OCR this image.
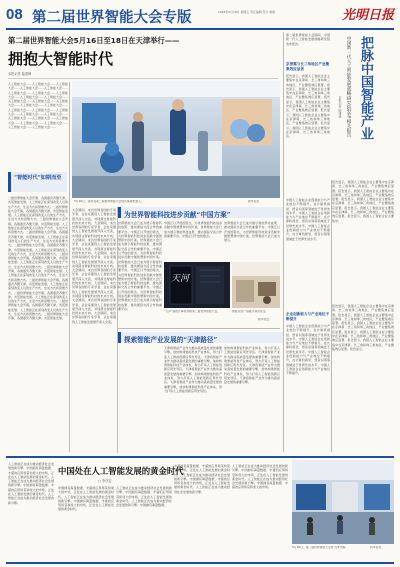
08 第二届世界智能大会专版	2018年5月18日 星期五 责任编辑 设计 制版	光明日报
第二届世界智能大会5月16日至18日在天津举行——
拥抱大智能时代
本报记者 陆建峰
人工智能大会……人工智能大会……人工智能大会……人工智能大会……人工智能大会……人工智能大会……人工智能大会……人工智能大会……人工智能大会……人工智能大会……人工智能大会……人工智能大会……人工智能大会……人工智能大会……人工智能大会……人工智能大会……人工智能大会……人工智能大会……人工智能大会……人工智能大会……人工智能大会……人工智能大会……人工智能大会……人工智能大会……人工智能大会……人工智能大会……人工智能大会……
5月16日，观众在第二届世界智能大会展区参观机器人。	新华社发
“智能时代”如期而至
二届世界智能大会开幕，各国嘉宾齐聚天津，共话智能发展。人工智能正在深刻改变人们的生产方式、生活方式和思维方式。二届世界智能大会开幕，各国嘉宾齐聚天津，共话智能发展。人工智能正在深刻改变人们的生产方式、生活方式和思维方式。二届世界智能大会开幕，各国嘉宾齐聚天津，共话智能发展。人工智能正在深刻改变人们的生产方式、生活方式和思维方式。二届世界智能大会开幕，各国嘉宾齐聚天津，共话智能发展。人工智能正在深刻改变人们的生产方式、生活方式和思维方式。二届世界智能大会开幕，各国嘉宾齐聚天津，共话智能发展。人工智能正在深刻改变人们的生产方式、生活方式和思维方式。二届世界智能大会开幕，各国嘉宾齐聚天津，共话智能发展。人工智能正在深刻改变人们的生产方式、生活方式和思维方式。二届世界智能大会开幕，各国嘉宾齐聚天津，共话智能发展。人工智能正在深刻改变人们的生产方式、生活方式和思维方式。二届世界智能大会开幕，各国嘉宾齐聚天津，共话智能发展。人工智能正在深刻改变人们的生产方式、生活方式和思维方式。二届世界智能大会开幕，各国嘉宾齐聚天津，共话智能发展。人工智能正在深刻改变人们的生产方式、生活方式和思维方式。二届世界智能大会开幕，各国嘉宾齐聚天津，共话智能发展。人工智能正在深刻改变人们的生产方式、生活方式和思维方式。二届世界智能大会开幕，各国嘉宾齐聚天津，共话智能发展。
为世界智能科技进步贡献“中国方案”
大会期间，来自世界各国的专家学者、企业家围绕人工智能发展展开深入交流，共同探讨智能科技的未来方向。大会期间，来自世界各国的专家学者、企业家围绕人工智能发展展开深入交流，共同探讨智能科技的未来方向。大会期间，来自世界各国的专家学者、企业家围绕人工智能发展展开深入交流，共同探讨智能科技的未来方向。大会期间，来自世界各国的专家学者、企业家围绕人工智能发展展开深入交流，共同探讨智能科技的未来方向。大会期间，来自世界各国的专家学者、企业家围绕人工智能发展展开深入交流，共同探讨智能科技的未来方向。大会期间，来自世界各国的专家学者、企业家围绕人工智能发展展开深入交流，共同探讨智能科技的未来方向。大会期间，来自世界各国的专家学者、企业家围绕人工智能发展展开深入交流，共同探讨智能科技的未来方向。大会期间，来自世界各国的专家学者、企业家围绕人工智能发展展开深入交流。
世界智能大会已成为展示智能科技成果、推动国际交流合作的重要平台。中国正以开放的姿态，为世界智能科技进步贡献中国智慧和中国方案。世界智能大会已成为展示智能科技成果、推动国际交流合作的重要平台。中国正以开放的姿态，为世界智能科技进步贡献中国智慧和中国方案。世界智能大会已成为展示智能科技成果、推动国际交流合作的重要平台。中国正以开放的姿态，为世界智能科技进步贡献中国智慧和中国方案。世界智能大会已成为展示智能科技成果、推动国际交流合作的重要平台。中国正以开放的姿态，为世界智能科技进步贡献中国智慧和中国方案。世界智能大会已成为展示智能科技成果、推动国际交流合作的重要平台。
中国正以开放的姿态，为世界智能科技进步贡献中国智慧和中国方案。世界智能大会已成为展示智能科技成果、推动国际交流合作的重要平台。中国正以开放的姿态。
世界智能大会已成为展示智能科技成果、推动国际交流合作的重要平台。中国正以开放的姿态，为世界智能科技进步贡献中国智慧和中国方案。世界智能大会已成为展示。
天河
“天河”超级计算机亮相第二届世界智能大会。	智能家居产品吸引观众驻足。
新华社发
探索智能产业发展的“天津路径”
天津将智能产业作为推动高质量发展的重要引擎，加快构建智能科技产业体系，努力打造人工智能创新应用先导区。天津将智能产业作为推动高质量发展的重要引擎，加快构建智能科技产业体系，努力打造人工智能创新应用先导区。天津将智能产业作为推动高质量发展的重要引擎，加快构建智能科技产业体系，努力打造人工智能创新应用先导区。天津将智能产业作为推动高质量发展的重要引擎，加快构建智能科技产业体系，努力打造人工智能创新应用先导区。
加快构建智能科技产业体系，努力打造人工智能创新应用先导区。天津将智能产业作为推动高质量发展的重要引擎，加快构建智能科技产业体系，努力打造人工智能创新应用先导区。天津将智能产业作为推动高质量发展的重要引擎，加快构建智能科技产业体系，努力打造人工智能创新应用先导区。天津将智能产业作为推动高质量发展的重要引擎。
第二届世界智能大会期间，中国新一代人工智能发展战略研究院发布报告。	把脉中国智能产业
中国新一代人工智能发展战略研究院发布相关报告
本报记者 陆建峰
京津冀与长三角地区产业聚集效应显著
报告显示，我国人工智能企业主要集中在京津冀、长三角和珠三角地区，产业聚集效应显著。报告显示，我国人工智能企业主要集中在京津冀、长三角和珠三角地区，产业聚集效应显著。报告显示，我国人工智能企业主要集中在京津冀、长三角和珠三角地区，产业聚集效应显著。报告显示，我国人工智能企业主要集中在京津冀、长三角和珠三角地区，产业聚集效应显著。报告显示，我国人工智能企业主要集中在京津冀、长三角和珠三角地区。
报告显示，我国人工智能企业主要集中在京津冀、长三角和珠三角地区，产业聚集效应显著。报告显示，我国人工智能企业主要集中在京津冀、长三角和珠三角地区，产业聚集效应显著。报告显示，我国人工智能企业主要集中在京津冀、长三角和珠三角地区，产业聚集效应显著。报告显示，我国人工智能企业主要集中在京津冀、长三角和珠三角地区，产业聚集效应显著。报告显示，我国人工智能企业主要集中。
中国人工智能企业创新能力与产业地位不断提升，在计算机视觉、语音识别等领域处于世界先进水平。中国人工智能企业创新能力与产业地位不断提升，在计算机视觉、语音识别等领域处于世界先进水平。中国人工智能企业创新能力与产业地位不断提升，在计算机视觉、语音识别等领域处于世界先进水平。
企业创新能力与产业地位不断提升
中国人工智能企业创新能力与产业地位不断提升，在计算机视觉、语音识别等领域处于世界先进水平。中国人工智能企业创新能力与产业地位不断提升，在计算机视觉、语音识别等领域处于世界先进水平。中国人工智能企业创新能力与产业地位不断提升，在计算机视觉、语音识别等领域处于世界先进水平。中国人工智能企业创新能力与产业地位不断提升。
报告显示，我国人工智能企业主要集中在京津冀、长三角和珠三角地区，产业聚集效应显著。报告显示，我国人工智能企业主要集中在京津冀、长三角和珠三角地区，产业聚集效应显著。报告显示，我国人工智能企业主要集中在京津冀、长三角和珠三角地区，产业聚集效应显著。报告显示，我国人工智能企业主要集中在京津冀、长三角和珠三角地区，产业聚集效应显著。报告显示，我国人工智能企业主要集中在京津冀、长三角和珠三角地区，产业聚集效应显著。报告显示。
中国处在人工智能发展的黄金时代
□ 李彦宏
人工智能正在成为推动经济社会发展的新引擎。中国拥有海量数据、丰富的应用场景和庞大的市场，正处在人工智能发展的黄金时代。人工智能正在成为推动经济社会发展的新引擎。中国拥有海量数据、丰富的应用场景和庞大的市场，正处在人工智能发展的黄金时代。人工智能正在成为推动经济社会发展的新引擎。
中国拥有海量数据、丰富的应用场景和庞大的市场，正处在人工智能发展的黄金时代。人工智能正在成为推动经济社会发展的新引擎。中国拥有海量数据、丰富的应用场景和庞大的市场，正处在人工智能发展的黄金时代。
人工智能正在成为推动经济社会发展的新引擎。中国拥有海量数据、丰富的应用场景和庞大的市场，正处在人工智能发展的黄金时代。人工智能正在成为推动经济社会发展的新引擎。中国拥有海量数据。
中国拥有海量数据、丰富的应用场景和庞大的市场，正处在人工智能发展的黄金时代。人工智能正在成为推动经济社会发展的新引擎。中国拥有海量数据、丰富的应用场景和庞大的市场，正处在人工智能发展的黄金时代。人工智能正在成为推动经济社会发展的新引擎。
人工智能正在成为推动经济社会发展的新引擎。中国拥有海量数据、丰富的应用场景和庞大的市场，正处在人工智能发展的黄金时代。人工智能正在成为推动经济社会发展的新引擎。中国拥有海量数据、丰富的应用场景和庞大的市场。
5月16日，第二届世界智能大会在天津开幕。	新华社发
